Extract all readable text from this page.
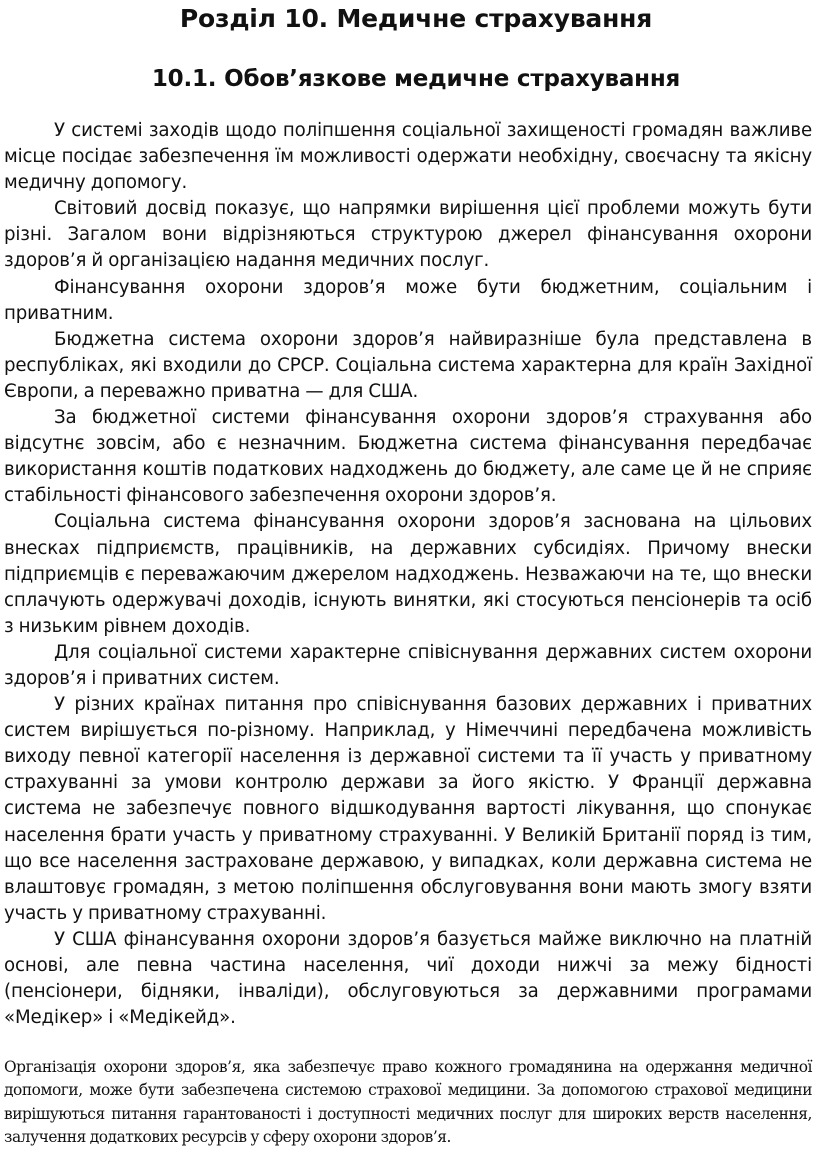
Розділ 10. Медичне страхування
10.1. Обов’язкове медичне страхування

У системі заходів щодо поліпшення соціальної захищеності громадян важливе місце посідає забезпечення їм можливості одержати необхідну, своєчасну та якісну медичну допомогу.

Світовий досвід показує, що напрямки вирішення цієї проблеми можуть бути різні. Загалом вони відрізняються структурою джерел фінансування охорони здоров’я й організацією надання медичних послуг.

Фінансування охорони здоров’я може бути бюджетним, соціальним і приватним.

Бюджетна система охорони здоров’я найвиразніше була представлена в республіках, які входили до СРСР. Соціальна система характерна для країн Західної Європи, а переважно приватна — для США.

За бюджетної системи фінансування охорони здоров’я страхування або відсутнє зовсім, або є незначним. Бюджетна система фінансування передбачає використання коштів податкових надходжень до бюджету, але саме це й не сприяє стабільності фінансового забезпечення охорони здоров’я.

Соціальна система фінансування охорони здоров’я заснована на цільових внесках підприємств, працівників, на державних субсидіях. Причому внески підприємців є переважаючим джерелом надходжень. Незважаючи на те, що внески сплачують одержувачі доходів, існують винятки, які стосуються пенсіонерів та осіб з низьким рівнем доходів.

Для соціальної системи характерне співіснування державних систем охорони здоров’я і приватних систем.

У різних країнах питання про співіснування базових державних і приватних систем вирішується по-різному. Наприклад, у Німеччині передбачена можливість виходу певної категорії населення із державної системи та її участь у приватному страхуванні за умови контролю держави за його якістю. У Франції державна система не забезпечує повного відшкодування вартості лікування, що спонукає населення брати участь у приватному страхуванні. У Великій Британії поряд із тим, що все населення застраховане державою, у випадках, коли державна система не влаштовує громадян, з метою поліпшення обслуговування вони мають змогу взяти участь у приватному страхуванні.

У США фінансування охорони здоров’я базується майже виключно на платній основі, але певна частина населення, чиї доходи нижчі за межу бідності (пенсіонери, бідняки, інваліди), обслуговуються за державними програмами «Медікер» і «Медікейд».

Організація охорони здоров’я, яка забезпечує право кожного громадянина на одержання медичної допомоги, може бути забезпечена системою страхової медицини. За допомогою страхової медицини вирішуються питання гарантованості і доступності медичних послуг для широких верств населення, залучення додаткових ресурсів у сферу охорони здоров’я.
